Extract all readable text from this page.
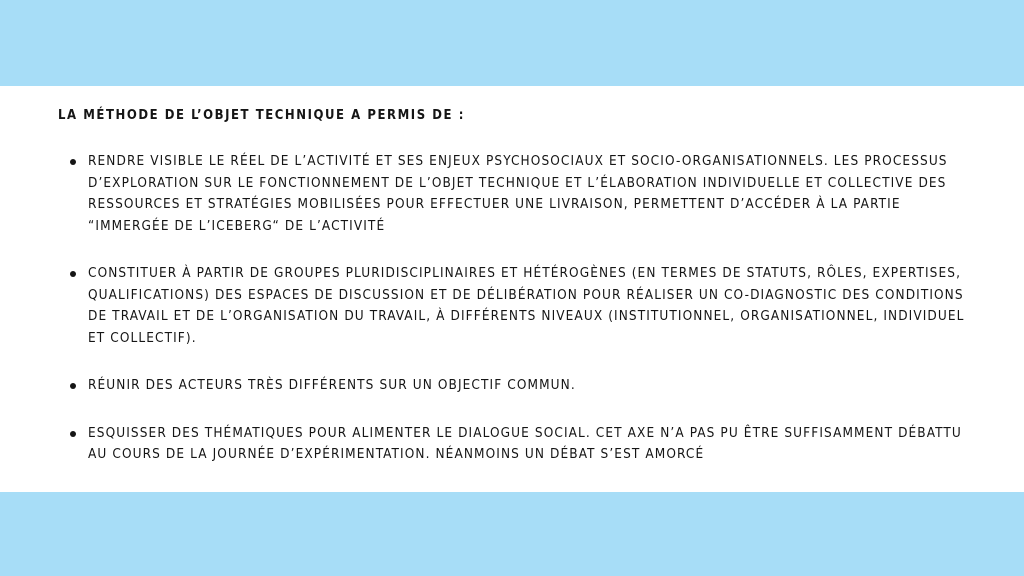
LA MÉTHODE DE L’OBJET TECHNIQUE A PERMIS DE :
RENDRE VISIBLE LE RÉEL DE L’ACTIVITÉ ET SES ENJEUX PSYCHOSOCIAUX ET SOCIO-ORGANISATIONNELS. LES PROCESSUS D’EXPLORATION SUR LE FONCTIONNEMENT DE L’OBJET TECHNIQUE ET L’ÉLABORATION INDIVIDUELLE ET COLLECTIVE DES RESSOURCES ET STRATÉGIES MOBILISÉES POUR EFFECTUER UNE LIVRAISON, PERMETTENT D’ACCÉDER À LA PARTIE “IMMERGÉE DE L’ICEBERG“ DE L’ACTIVITÉ
CONSTITUER À PARTIR DE GROUPES PLURIDISCIPLINAIRES ET HÉTÉROGÈNES (EN TERMES DE STATUTS, RÔLES, EXPERTISES, QUALIFICATIONS) DES ESPACES DE DISCUSSION ET DE DÉLIBÉRATION POUR RÉALISER UN CO-DIAGNOSTIC DES CONDITIONS DE TRAVAIL ET DE L’ORGANISATION DU TRAVAIL, À DIFFÉRENTS NIVEAUX (INSTITUTIONNEL, ORGANISATIONNEL, INDIVIDUEL ET COLLECTIF).
RÉUNIR DES ACTEURS TRÈS DIFFÉRENTS SUR UN OBJECTIF COMMUN.
ESQUISSER DES THÉMATIQUES POUR ALIMENTER LE DIALOGUE SOCIAL. CET AXE N’A PAS PU ÊTRE SUFFISAMMENT DÉBATTU AU COURS DE LA JOURNÉE D’EXPÉRIMENTATION. NÉANMOINS UN DÉBAT S’EST AMORCÉ
